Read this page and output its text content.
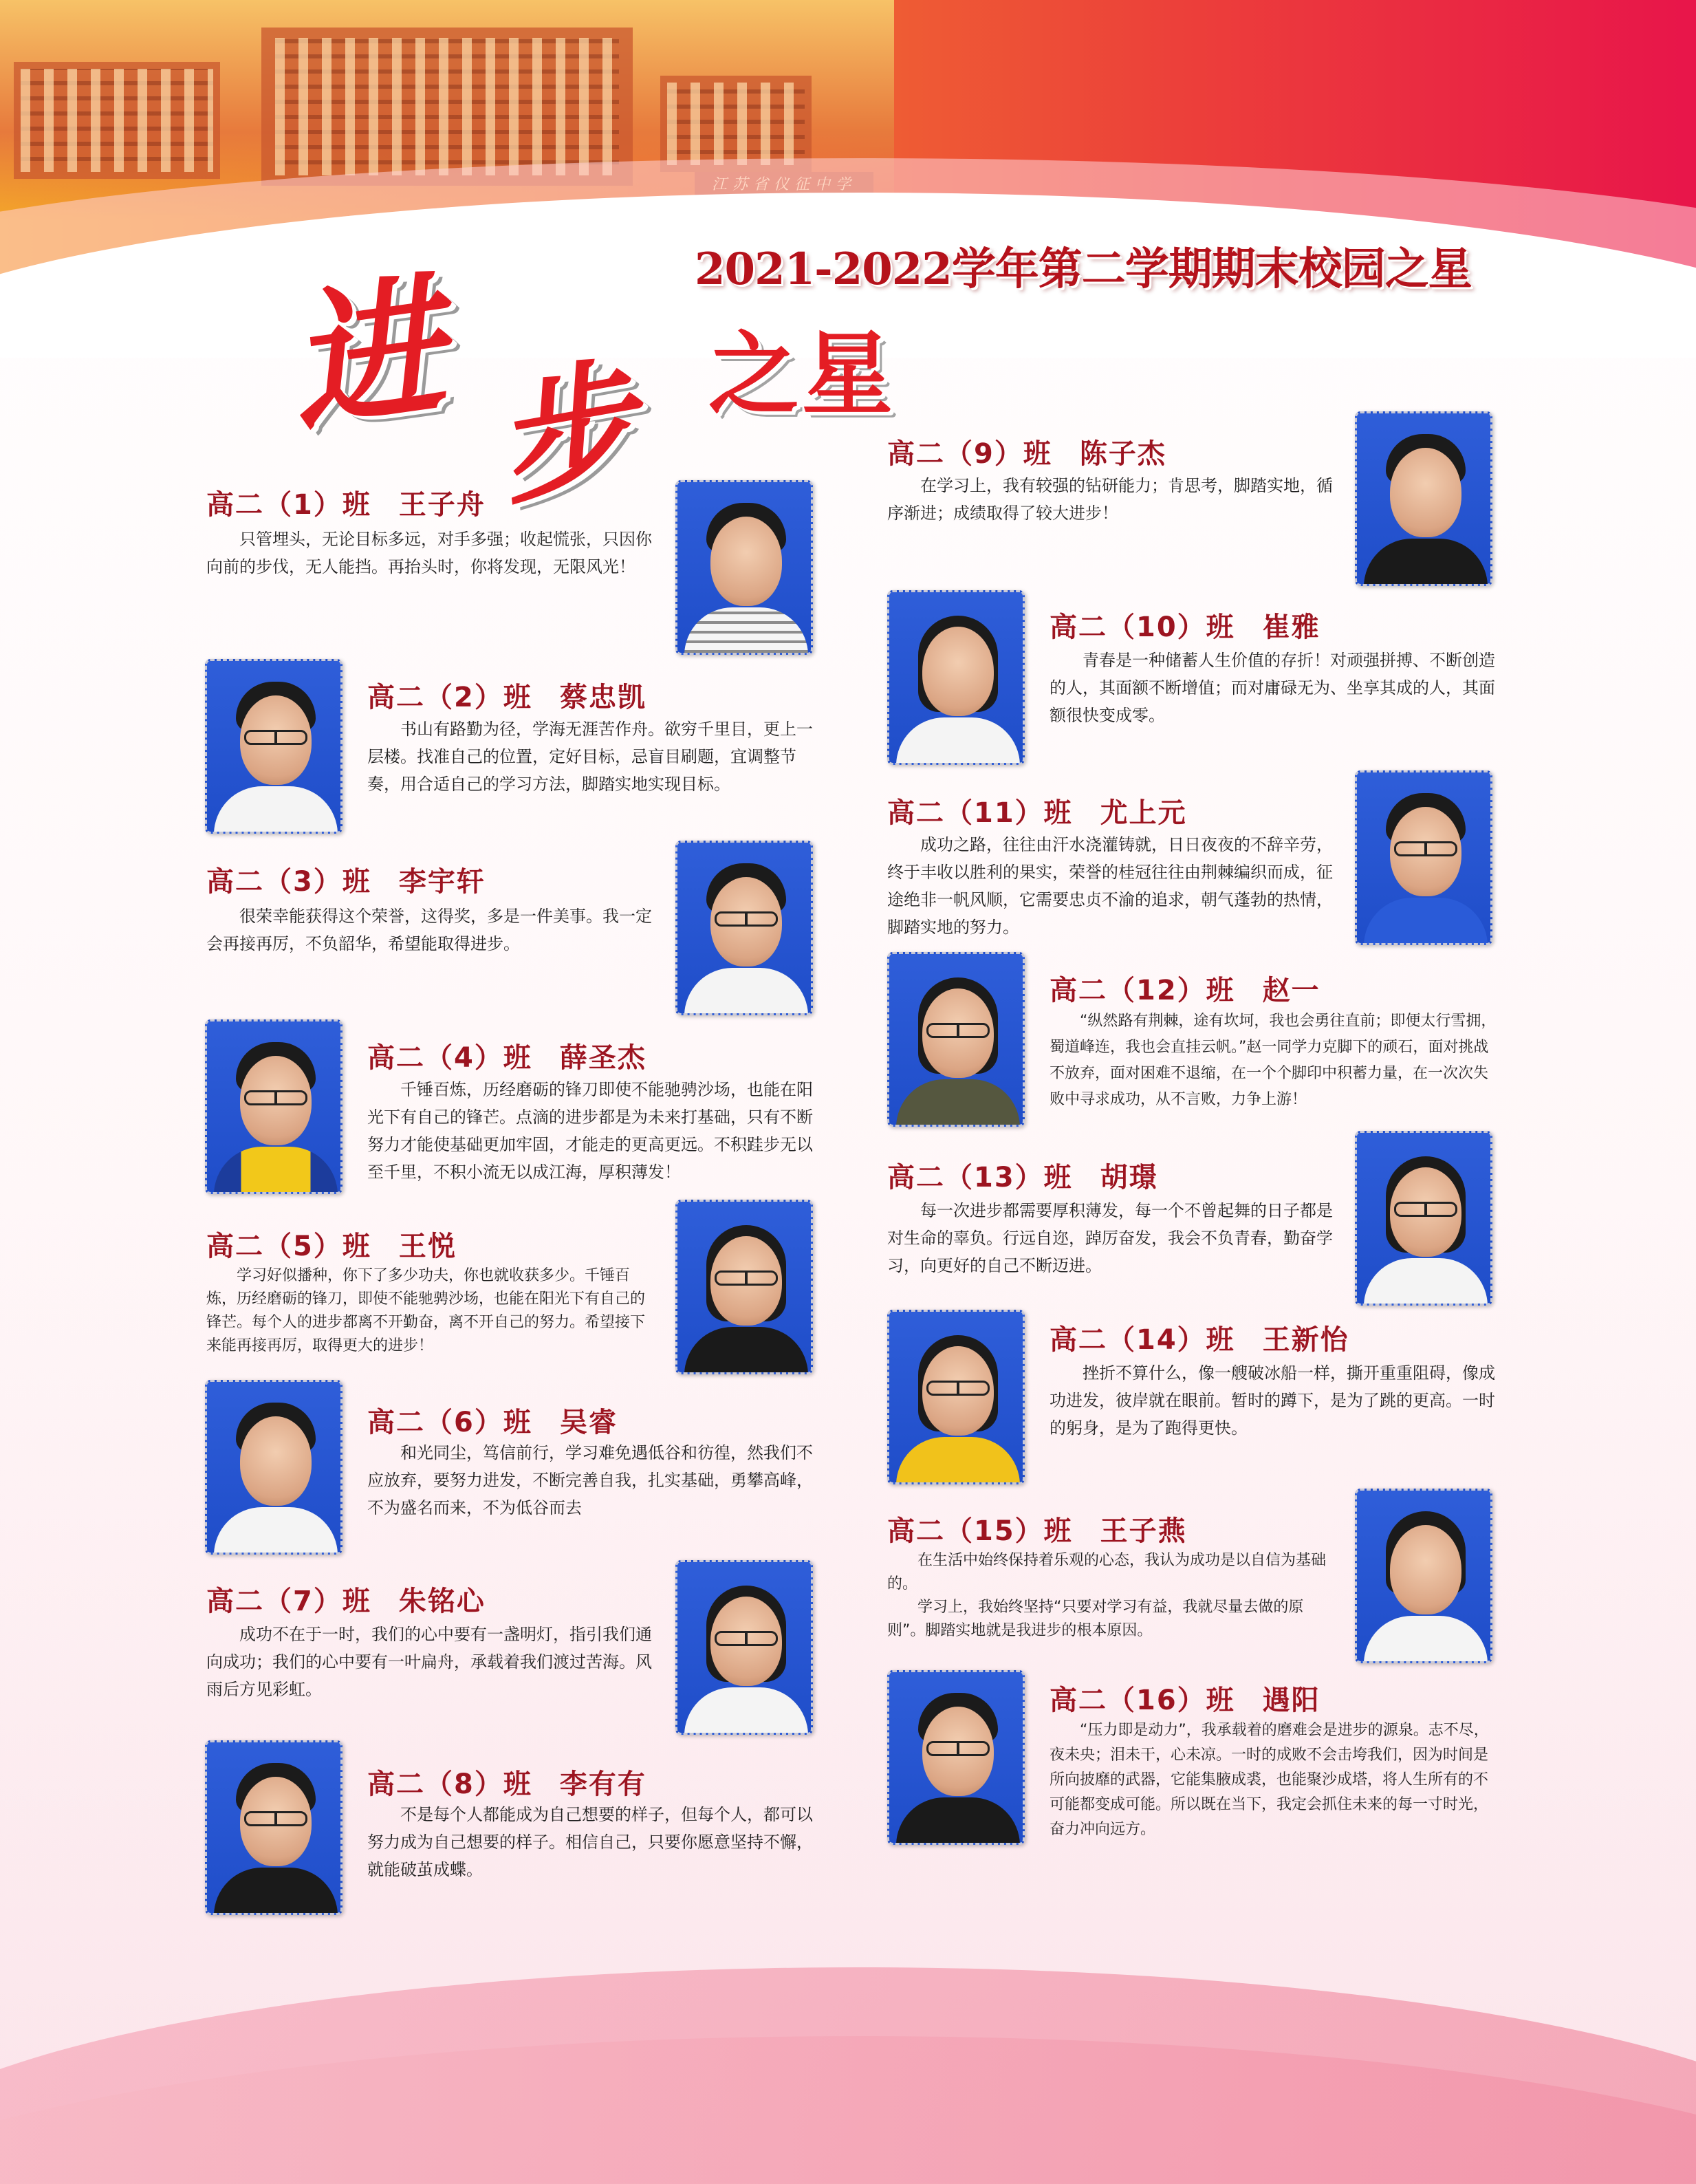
2021-2022学年第二学期期末校园之星
进 步 之星
高二（1）班 王子舟
只管埋头，无论目标多远，对手多强；收起慌张，只因你向前的步伐，无人能挡。再抬头时，你将发现，无限风光！
高二（2）班 蔡忠凯
书山有路勤为径，学海无涯苦作舟。欲穷千里目，更上一层楼。找准自己的位置，定好目标，忌盲目刷题，宜调整节奏，用合适自己的学习方法，脚踏实地实现目标。
高二（3）班 李宇轩
很荣幸能获得这个荣誉，这得奖，多是一件美事。我一定会再接再厉，不负韶华，希望能取得进步。
高二（4）班 薛圣杰
千锤百炼，历经磨砺的锋刀即使不能驰骋沙场，也能在阳光下有自己的锋芒。点滴的进步都是为未来打基础，只有不断努力才能使基础更加牢固，才能走的更高更远。不积跬步无以至千里，不积小流无以成江海，厚积薄发！
高二（5）班 王悦
学习好似播种，你下了多少功夫，你也就收获多少。千锤百炼，历经磨砺的锋刀，即使不能驰骋沙场，也能在阳光下有自己的锋芒。每个人的进步都离不开勤奋，离不开自己的努力。希望接下来能再接再厉，取得更大的进步！
高二（6）班 吴睿
和光同尘，笃信前行，学习难免遇低谷和彷徨，然我们不应放弃，要努力进发，不断完善自我，扎实基础，勇攀高峰，不为盛名而来，不为低谷而去
高二（7）班 朱铭心
成功不在于一时，我们的心中要有一盏明灯，指引我们通向成功；我们的心中要有一叶扁舟，承载着我们渡过苦海。风雨后方见彩虹。
高二（8）班 李有有
不是每个人都能成为自己想要的样子，但每个人，都可以努力成为自己想要的样子。相信自己，只要你愿意坚持不懈，就能破茧成蝶。
高二（9）班 陈子杰
在学习上，我有较强的钻研能力；肯思考，脚踏实地，循序渐进；成绩取得了较大进步！
高二（10）班 崔雅
青春是一种储蓄人生价值的存折！对顽强拼搏、不断创造的人，其面额不断增值；而对庸碌无为、坐享其成的人，其面额很快变成零。
高二（11）班 尤上元
成功之路，往往由汗水浇灌铸就，日日夜夜的不辞辛劳，终于丰收以胜利的果实，荣誉的桂冠往往由荆棘编织而成，征途绝非一帆风顺，它需要忠贞不渝的追求，朝气蓬勃的热情，脚踏实地的努力。
高二（12）班 赵一
“纵然路有荆棘，途有坎坷，我也会勇往直前；即便太行雪拥，蜀道峰连，我也会直挂云帆。”赵一同学力克脚下的顽石，面对挑战不放弃，面对困难不退缩，在一个个脚印中积蓄力量，在一次次失败中寻求成功，从不言败，力争上游！
高二（13）班 胡璟
每一次进步都需要厚积薄发，每一个不曾起舞的日子都是对生命的辜负。行远自迩，踔厉奋发，我会不负青春，勤奋学习，向更好的自己不断迈进。
高二（14）班 王新怡
挫折不算什么，像一艘破冰船一样，撕开重重阻碍，像成功进发，彼岸就在眼前。暂时的蹲下，是为了跳的更高。一时的躬身，是为了跑得更快。
高二（15）班 王子燕
在生活中始终保持着乐观的心态，我认为成功是以自信为基础的。
学习上，我始终坚持“只要对学习有益，我就尽量去做的原则”。脚踏实地就是我进步的根本原因。
高二（16）班 遇阳
“压力即是动力”，我承载着的磨难会是进步的源泉。志不尽，夜未央；泪未干，心未凉。一时的成败不会击垮我们，因为时间是所向披靡的武器，它能集腋成裘，也能聚沙成塔，将人生所有的不可能都变成可能。所以既在当下，我定会抓住未来的每一寸时光，奋力冲向远方。
